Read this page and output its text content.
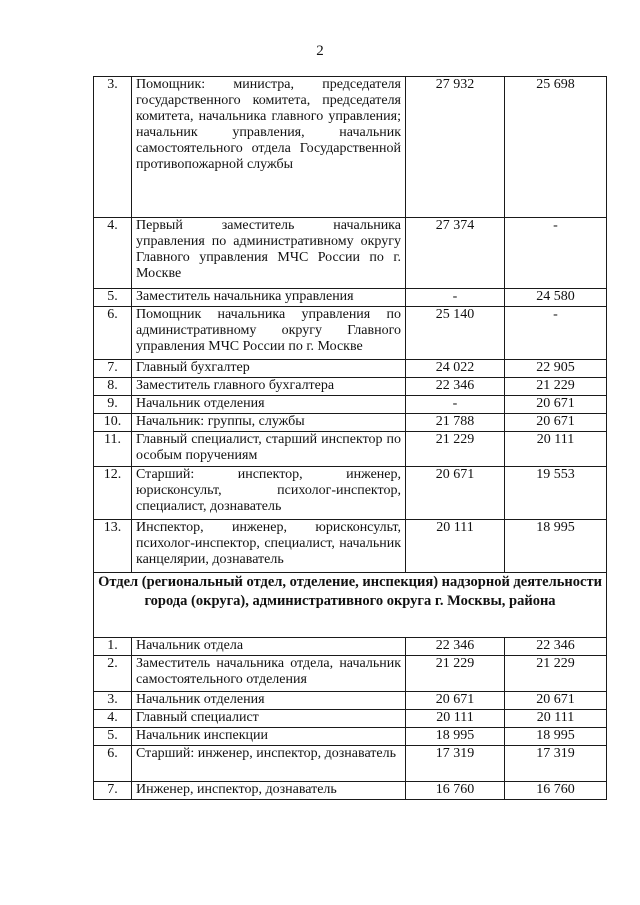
2
3.	Помощник: министра, председателя государственного комитета, председателя комитета, начальника главного управления; начальник управления, начальник самостоятельного отдела Государственной противопожарной службы	27 932	25 698
4.	Первый заместитель начальника управления по административному округу Главного управления МЧС России по г. Москве	27 374	-
5.	Заместитель начальника управления	-	24 580
6.	Помощник начальника управления по административному округу Главного управления МЧС России по г. Москве	25 140	-
7.	Главный бухгалтер	24 022	22 905
8.	Заместитель главного бухгалтера	22 346	21 229
9.	Начальник отделения	-	20 671
10.	Начальник: группы, службы	21 788	20 671
11.	Главный специалист, старший инспектор по особым поручениям	21 229	20 111
12.	Старший: инспектор, инженер, юрисконсульт, психолог-инспектор, специалист, дознаватель	20 671	19 553
13.	Инспектор, инженер, юрисконсульт, психолог-инспектор, специалист, начальник канцелярии, дознаватель	20 111	18 995
Отдел (региональный отдел, отделение, инспекция) надзорной деятельности города (округа), административного округа г. Москвы, района			
1.	Начальник отдела	22 346	22 346
2.	Заместитель начальника отдела, начальник самостоятельного отделения	21 229	21 229
3.	Начальник отделения	20 671	20 671
4.	Главный специалист	20 111	20 111
5.	Начальник инспекции	18 995	18 995
6.	Старший: инженер, инспектор, дознаватель	17 319	17 319
7.	Инженер, инспектор, дознаватель	16 760	16 760
